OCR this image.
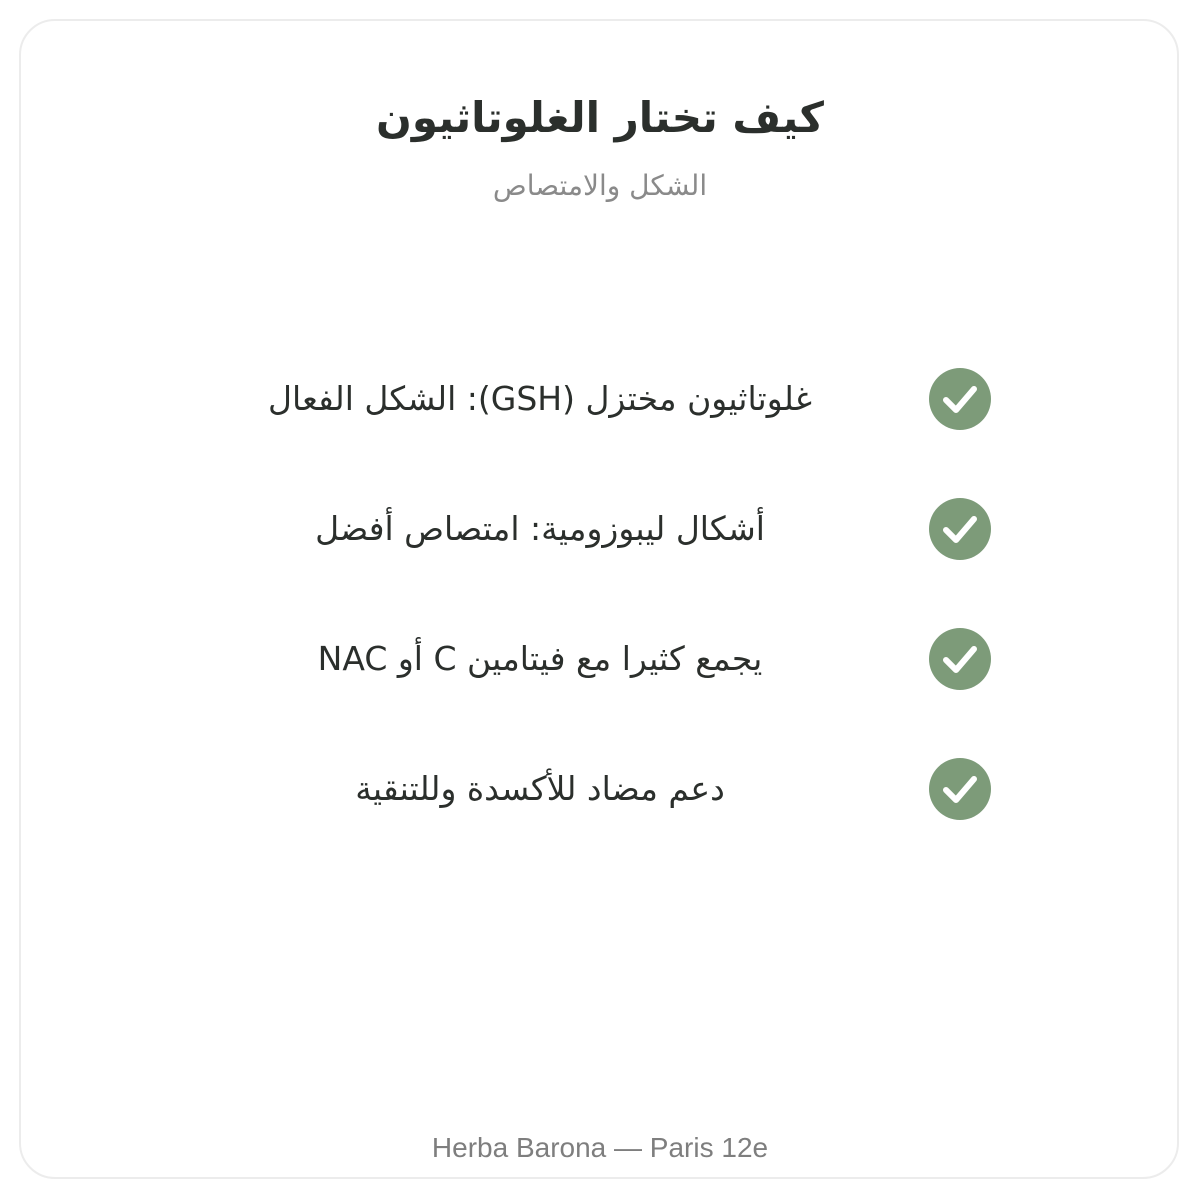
كيف تختار الغلوتاثيون
الشكل والامتصاص
غلوتاثيون مختزل (GSH): الشكل الفعال
أشكال ليبوزومية: امتصاص أفضل
يجمع كثيرا مع فيتامين C أو NAC
دعم مضاد للأكسدة وللتنقية
Herba Barona — Paris 12e
